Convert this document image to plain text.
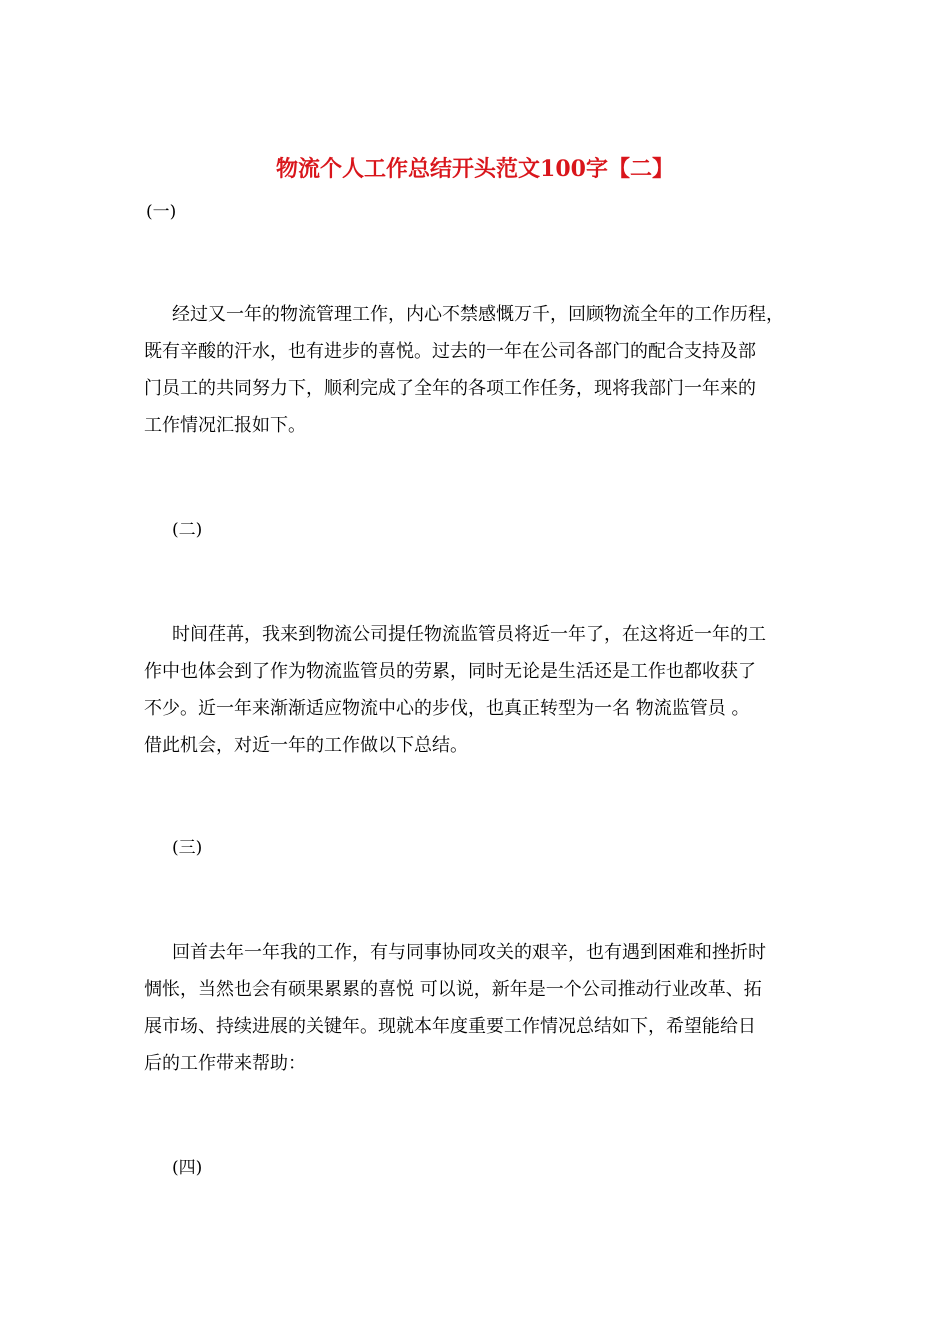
物流个人工作总结开头范文100字【二】
(一)
经过又一年的物流管理工作，内心不禁感慨万千，回顾物流全年的工作历程，
既有辛酸的汗水，也有进步的喜悦。过去的一年在公司各部门的配合支持及部
门员工的共同努力下，顺利完成了全年的各项工作任务，现将我部门一年来的
工作情况汇报如下。
(二)
时间荏苒，我来到物流公司提任物流监管员将近一年了，在这将近一年的工
作中也体会到了作为物流监管员的劳累，同时无论是生活还是工作也都收获了
不少。近一年来渐渐适应物流中心的步伐，也真正转型为一名 物流监管员 。
借此机会，对近一年的工作做以下总结。
(三)
回首去年一年我的工作，有与同事协同攻关的艰辛，也有遇到困难和挫折时
惆怅，当然也会有硕果累累的喜悦 可以说，新年是一个公司推动行业改革、拓
展市场、持续进展的关键年。现就本年度重要工作情况总结如下，希望能给日
后的工作带来帮助：
(四)
